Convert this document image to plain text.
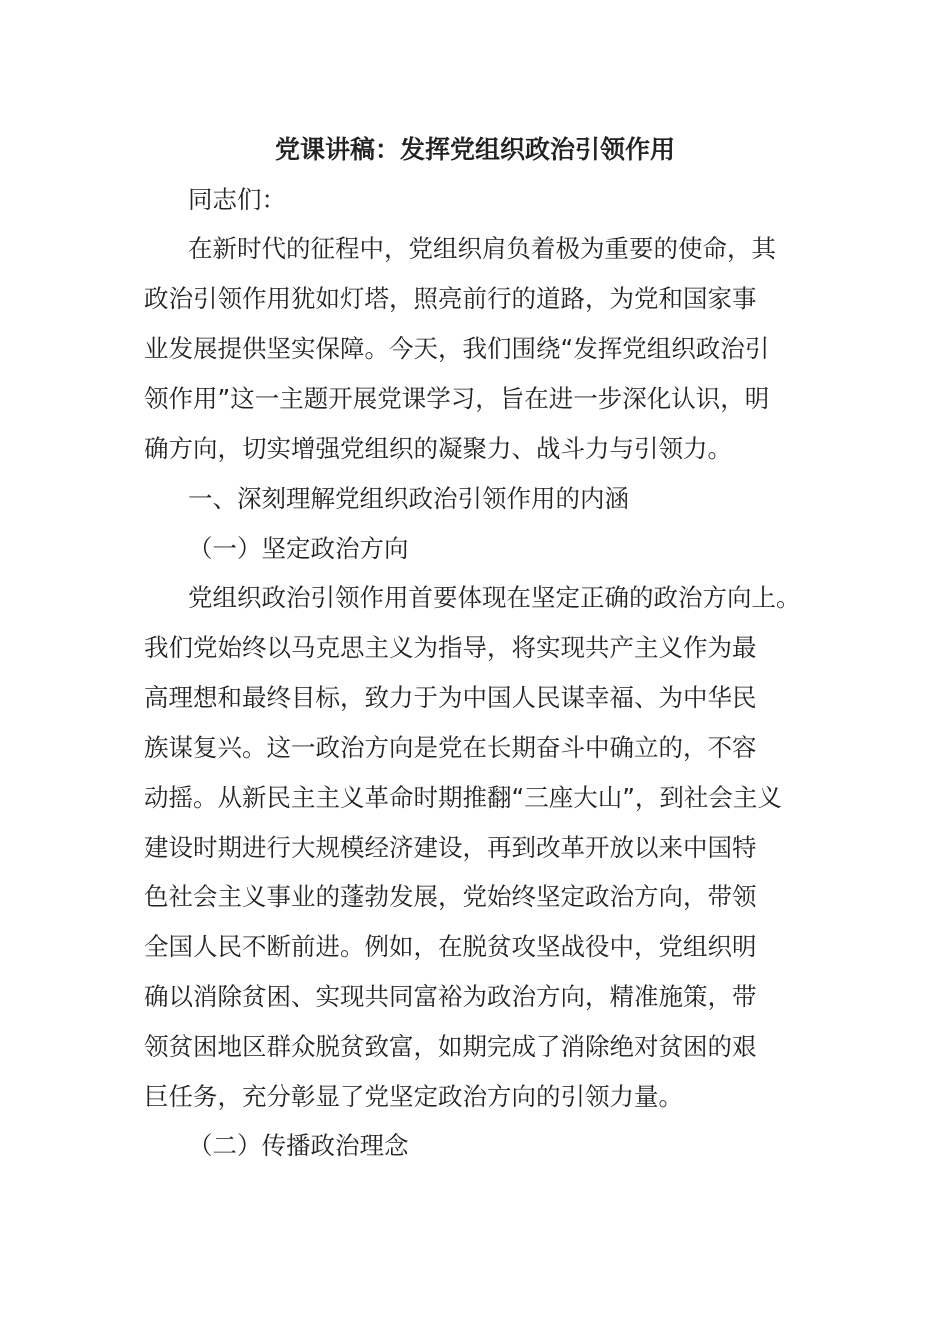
党课讲稿：发挥党组织政治引领作用
同志们：
在新时代的征程中，党组织肩负着极为重要的使命，其
政治引领作用犹如灯塔，照亮前行的道路，为党和国家事
业发展提供坚实保障。今天，我们围绕“发挥党组织政治引
领作用”这一主题开展党课学习，旨在进一步深化认识，明
确方向，切实增强党组织的凝聚力、战斗力与引领力。
一、深刻理解党组织政治引领作用的内涵
（一）坚定政治方向
党组织政治引领作用首要体现在坚定正确的政治方向上。
我们党始终以马克思主义为指导，将实现共产主义作为最
高理想和最终目标，致力于为中国人民谋幸福、为中华民
族谋复兴。这一政治方向是党在长期奋斗中确立的，不容
动摇。从新民主主义革命时期推翻“三座大山”，到社会主义
建设时期进行大规模经济建设，再到改革开放以来中国特
色社会主义事业的蓬勃发展，党始终坚定政治方向，带领
全国人民不断前进。例如，在脱贫攻坚战役中，党组织明
确以消除贫困、实现共同富裕为政治方向，精准施策，带
领贫困地区群众脱贫致富，如期完成了消除绝对贫困的艰
巨任务，充分彰显了党坚定政治方向的引领力量。
（二）传播政治理念
